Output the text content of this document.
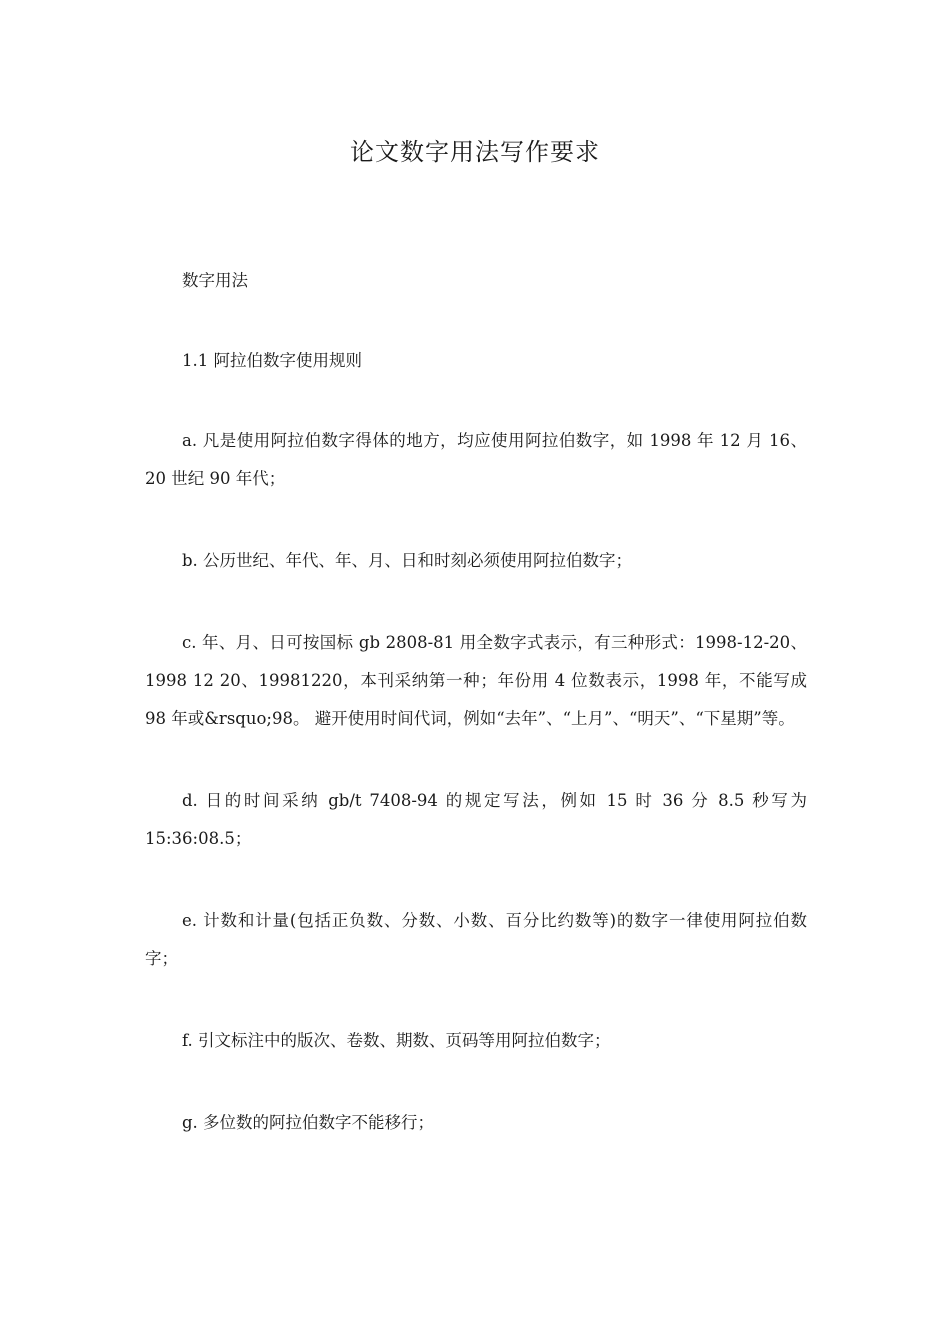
论文数字用法写作要求

数字用法

1.1 阿拉伯数字使用规则

a. 凡是使用阿拉伯数字得体的地方，均应使用阿拉伯数字，如 1998 年 12 月 16、20 世纪 90 年代；

b. 公历世纪、年代、年、月、日和时刻必须使用阿拉伯数字；

c. 年、月、日可按国标 gb 2808-81 用全数字式表示，有三种形式：1998-12-20、1998 12 20、19981220，本刊采纳第一种；年份用 4 位数表示，1998 年，不能写成 98 年或&rsquo;98。 避开使用时间代词，例如“去年”、“上月”、“明天”、“下星期”等。

d. 日的时间采纳 gb/t 7408-94 的规定写法，例如 15 时 36 分 8.5 秒写为 15:36:08.5；

e. 计数和计量(包括正负数、分数、小数、百分比约数等)的数字一律使用阿拉伯数字；

f. 引文标注中的版次、卷数、期数、页码等用阿拉伯数字；

g. 多位数的阿拉伯数字不能移行；
